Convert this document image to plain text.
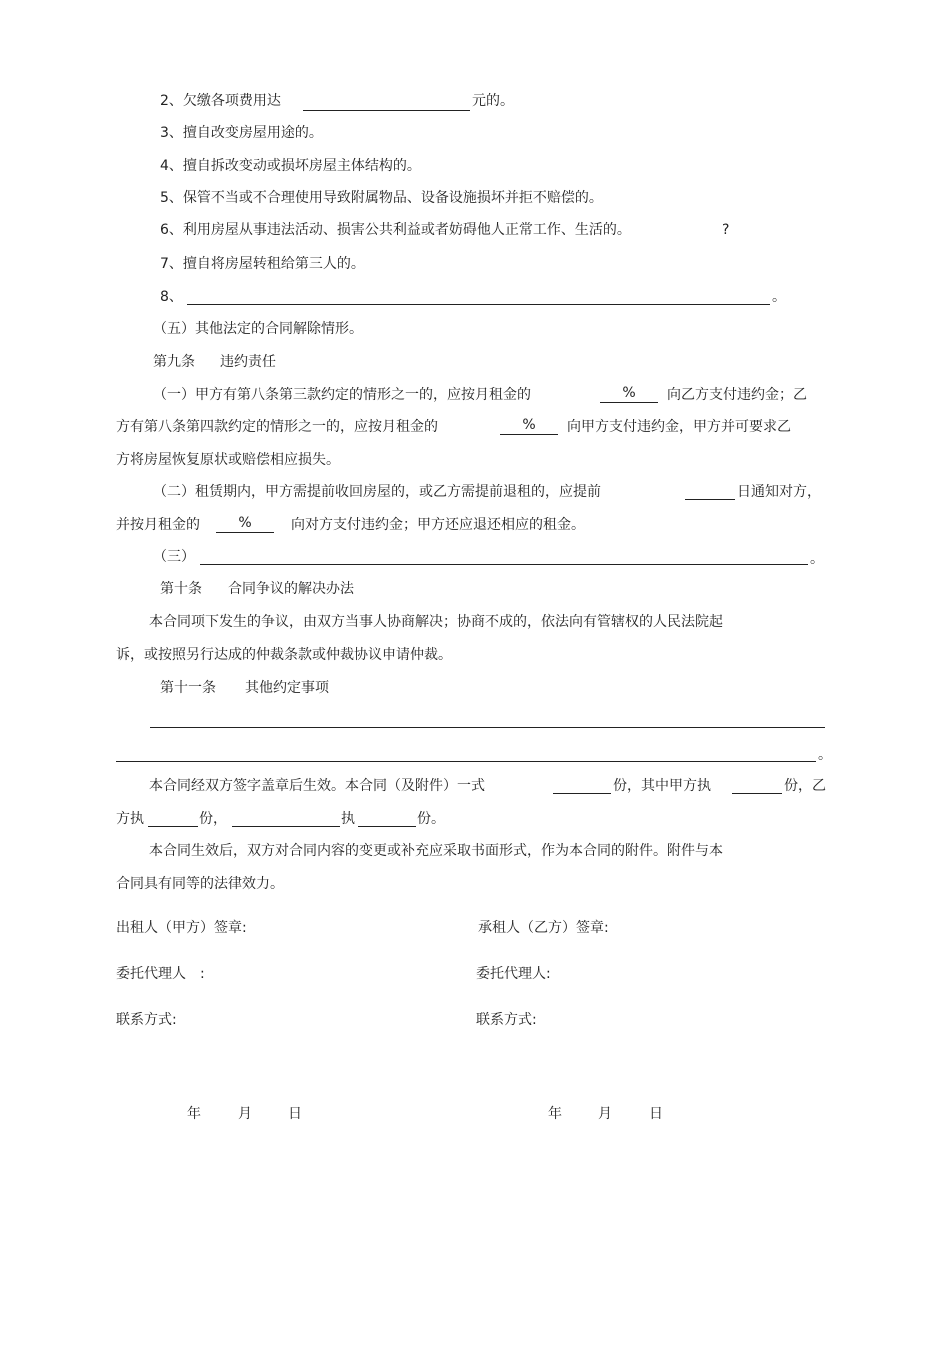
2、欠缴各项费用达	元的。
3、擅自改变房屋用途的。
4、擅自拆改变动或损坏房屋主体结构的。
5、保管不当或不合理使用导致附属物品、设备设施损坏并拒不赔偿的。
6、利用房屋从事违法活动、损害公共利益或者妨碍他人正常工作、生活的。	?
7、擅自将房屋转租给第三人的。
8、	。
（五）其他法定的合同解除情形。
第九条 违约责任
（一）甲方有第八条第三款约定的情形之一的，应按月租金的	%	向乙方支付违约金；乙
方有第八条第四款约定的情形之一的，应按月租金的	%	向甲方支付违约金，甲方并可要求乙
方将房屋恢复原状或赔偿相应损失。
（二）租赁期内，甲方需提前收回房屋的，或乙方需提前退租的，应提前	日通知对方，
并按月租金的	%	向对方支付违约金；甲方还应退还相应的租金。
（三）	。
第十条 合同争议的解决办法
本合同项下发生的争议，由双方当事人协商解决；协商不成的，依法向有管辖权的人民法院起
诉，或按照另行达成的仲裁条款或仲裁协议申请仲裁。
第十一条 其他约定事项
。
本合同经双方签字盖章后生效。本合同（及附件）一式	份，其中甲方执	份，乙
方执	份，	执	份。
本合同生效后，双方对合同内容的变更或补充应采取书面形式，作为本合同的附件。附件与本
合同具有同等的法律效力。
出租人（甲方）签章:	承租人（乙方）签章:
委托代理人　:	委托代理人:
联系方式:	联系方式:
年	月	日	年	月	日
